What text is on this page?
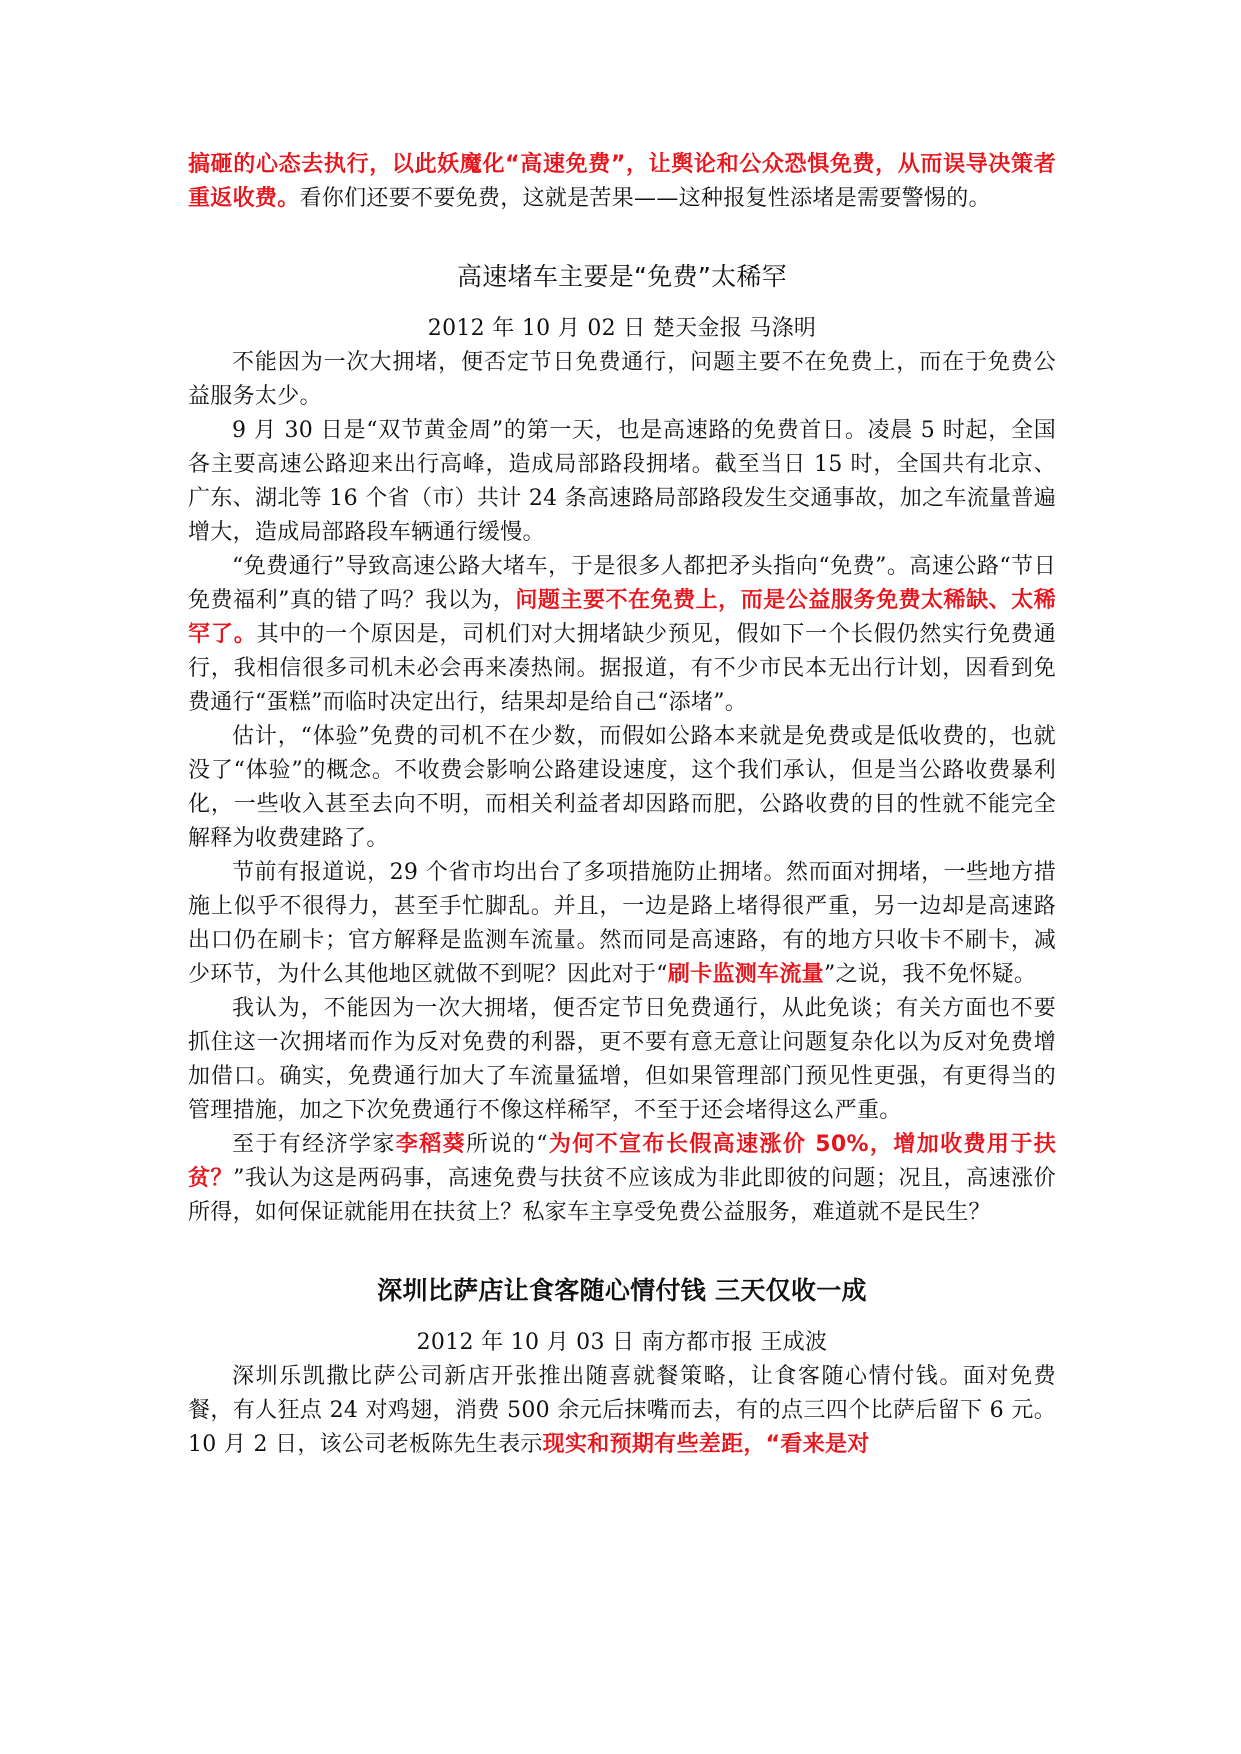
搞砸的心态去执行，以此妖魔化“高速免费”，让舆论和公众恐惧免费，从而误导决策者重返收费。看你们还要不要免费，这就是苦果——这种报复性添堵是需要警惕的。

高速堵车主要是“免费”太稀罕

2012 年 10 月 02 日 楚天金报 马涤明

不能因为一次大拥堵，便否定节日免费通行，问题主要不在免费上，而在于免费公益服务太少。

9 月 30 日是“双节黄金周”的第一天，也是高速路的免费首日。凌晨 5 时起，全国各主要高速公路迎来出行高峰，造成局部路段拥堵。截至当日 15 时，全国共有北京、广东、湖北等 16 个省（市）共计 24 条高速路局部路段发生交通事故，加之车流量普遍增大，造成局部路段车辆通行缓慢。

“免费通行”导致高速公路大堵车，于是很多人都把矛头指向“免费”。高速公路“节日免费福利”真的错了吗？我以为，问题主要不在免费上，而是公益服务免费太稀缺、太稀罕了。其中的一个原因是，司机们对大拥堵缺少预见，假如下一个长假仍然实行免费通行，我相信很多司机未必会再来凑热闹。据报道，有不少市民本无出行计划，因看到免费通行“蛋糕”而临时决定出行，结果却是给自己“添堵”。

估计，“体验”免费的司机不在少数，而假如公路本来就是免费或是低收费的，也就没了“体验”的概念。不收费会影响公路建设速度，这个我们承认，但是当公路收费暴利化，一些收入甚至去向不明，而相关利益者却因路而肥，公路收费的目的性就不能完全解释为收费建路了。

节前有报道说，29 个省市均出台了多项措施防止拥堵。然而面对拥堵，一些地方措施上似乎不很得力，甚至手忙脚乱。并且，一边是路上堵得很严重，另一边却是高速路出口仍在刷卡；官方解释是监测车流量。然而同是高速路，有的地方只收卡不刷卡，减少环节，为什么其他地区就做不到呢？因此对于“刷卡监测车流量”之说，我不免怀疑。

我认为，不能因为一次大拥堵，便否定节日免费通行，从此免谈；有关方面也不要抓住这一次拥堵而作为反对免费的利器，更不要有意无意让问题复杂化以为反对免费增加借口。确实，免费通行加大了车流量猛增，但如果管理部门预见性更强，有更得当的管理措施，加之下次免费通行不像这样稀罕，不至于还会堵得这么严重。

至于有经济学家李稻葵所说的“为何不宣布长假高速涨价 50%，增加收费用于扶贫？”我认为这是两码事，高速免费与扶贫不应该成为非此即彼的问题；况且，高速涨价所得，如何保证就能用在扶贫上？私家车主享受免费公益服务，难道就不是民生？

深圳比萨店让食客随心情付钱 三天仅收一成

2012 年 10 月 03 日 南方都市报 王成波

深圳乐凯撒比萨公司新店开张推出随喜就餐策略，让食客随心情付钱。面对免费餐，有人狂点 24 对鸡翅，消费 500 余元后抹嘴而去，有的点三四个比萨后留下 6 元。10 月 2 日，该公司老板陈先生表示现实和预期有些差距，“看来是对
